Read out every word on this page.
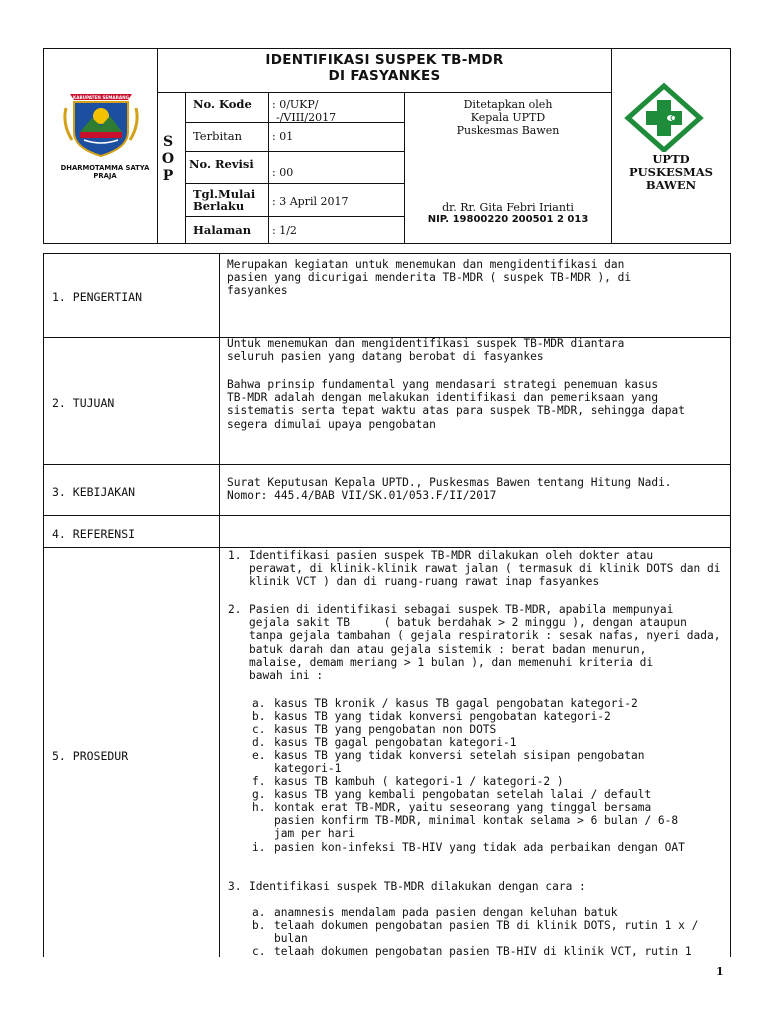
KABUPATEN SEMARANG
DHARMOTAMMA SATYA PRAJA
IDENTIFIKASI SUSPEK TB-MDR
DI FASYANKES
S
O
P
No. Kode : 0/UKP/
-/VIII/2017
Terbitan	: 01
No. Revisi
: 00
Tgl.Mulai
Berlaku	: 3 April 2017
Halaman : 1/2
Ditetapkan oleh
Kepala UPTD
Puskesmas Bawen
dr. Rr. Gita Febri Irianti
NIP. 19800220 200501 2 013
UPTD
PUSKESMAS
BAWEN
1. PENGERTIAN
Merupakan kegiatan untuk menemukan dan mengidentifikasi dan
pasien yang dicurigai menderita TB-MDR ( suspek TB-MDR ), di
fasyankes
2. TUJUAN
Untuk menemukan dan mengidentifikasi suspek TB-MDR diantara
seluruh pasien yang datang berobat di fasyankes
Bahwa prinsip fundamental yang mendasari strategi penemuan kasus
TB-MDR adalah dengan melakukan identifikasi dan pemeriksaan yang
sistematis serta tepat waktu atas para suspek TB-MDR, sehingga dapat
segera dimulai upaya pengobatan
3. KEBIJAKAN
Surat Keputusan Kepala UPTD., Puskesmas Bawen tentang Hitung Nadi.
Nomor: 445.4/BAB VII/SK.01/053.F/II/2017
4. REFERENSI
5. PROSEDUR
1. Identifikasi pasien suspek TB-MDR dilakukan oleh dokter atau
perawat, di klinik-klinik rawat jalan ( termasuk di klinik DOTS dan di
klinik VCT ) dan di ruang-ruang rawat inap fasyankes
2. Pasien di identifikasi sebagai suspek TB-MDR, apabila mempunyai
gejala sakit TB     ( batuk berdahak > 2 minggu ), dengan ataupun
tanpa gejala tambahan ( gejala respiratorik : sesak nafas, nyeri dada,
batuk darah dan atau gejala sistemik : berat badan menurun,
malaise, demam meriang > 1 bulan ), dan memenuhi kriteria di
bawah ini :
a. kasus TB kronik / kasus TB gagal pengobatan kategori-2
b. kasus TB yang tidak konversi pengobatan kategori-2
c. kasus TB yang pengobatan non DOTS
d. kasus TB gagal pengobatan kategori-1
e. kasus TB yang tidak konversi setelah sisipan pengobatan
kategori-1
f. kasus TB kambuh ( kategori-1 / kategori-2 )
g. kasus TB yang kembali pengobatan setelah lalai / default
h. kontak erat TB-MDR, yaitu seseorang yang tinggal bersama
pasien konfirm TB-MDR, minimal kontak selama > 6 bulan / 6-8
jam per hari
i. pasien kon-infeksi TB-HIV yang tidak ada perbaikan dengan OAT
3. Identifikasi suspek TB-MDR dilakukan dengan cara :
a. anamnesis mendalam pada pasien dengan keluhan batuk
b. telaah dokumen pengobatan pasien TB di klinik DOTS, rutin 1 x /
bulan
c. telaah dokumen pengobatan pasien TB-HIV di klinik VCT, rutin 1
1
